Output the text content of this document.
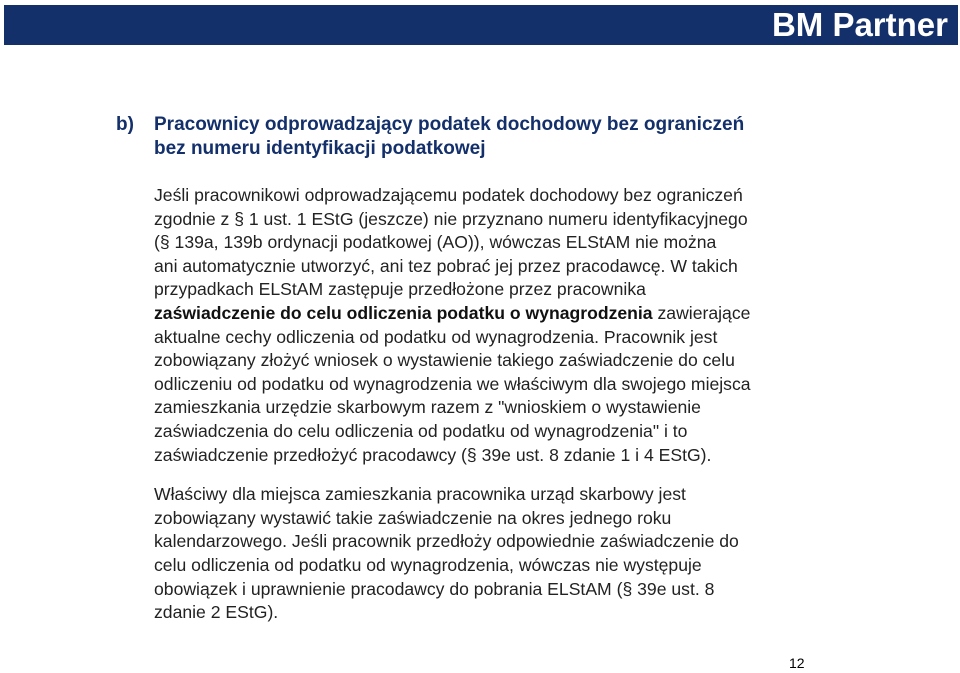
BM Partner
b) Pracownicy odprowadzający podatek dochodowy bez ograniczeń
bez numeru identyfikacji podatkowej
Jeśli pracownikowi odprowadzającemu podatek dochodowy bez ograniczeń
zgodnie z § 1 ust. 1 EStG (jeszcze) nie przyznano numeru identyfikacyjnego
(§ 139a, 139b ordynacji podatkowej (AO)), wówczas ELStAM nie można
ani automatycznie utworzyć, ani tez pobrać jej przez pracodawcę. W takich
przypadkach ELStAM zastępuje przedłożone przez pracownika
zaświadczenie do celu odliczenia podatku o wynagrodzenia zawierające
aktualne cechy odliczenia od podatku od wynagrodzenia. Pracownik jest
zobowiązany złożyć wniosek o wystawienie takiego zaświadczenie do celu
odliczeniu od podatku od wynagrodzenia we właściwym dla swojego miejsca
zamieszkania urzędzie skarbowym razem z "wnioskiem o wystawienie
zaświadczenia do celu odliczenia od podatku od wynagrodzenia" i to
zaświadczenie przedłożyć pracodawcy (§ 39e ust. 8 zdanie 1 i 4 EStG).
Właściwy dla miejsca zamieszkania pracownika urząd skarbowy jest
zobowiązany wystawić takie zaświadczenie na okres jednego roku
kalendarzowego. Jeśli pracownik przedłoży odpowiednie zaświadczenie do
celu odliczenia od podatku od wynagrodzenia, wówczas nie występuje
obowiązek i uprawnienie pracodawcy do pobrania ELStAM (§ 39e ust. 8
zdanie 2 EStG).
12
